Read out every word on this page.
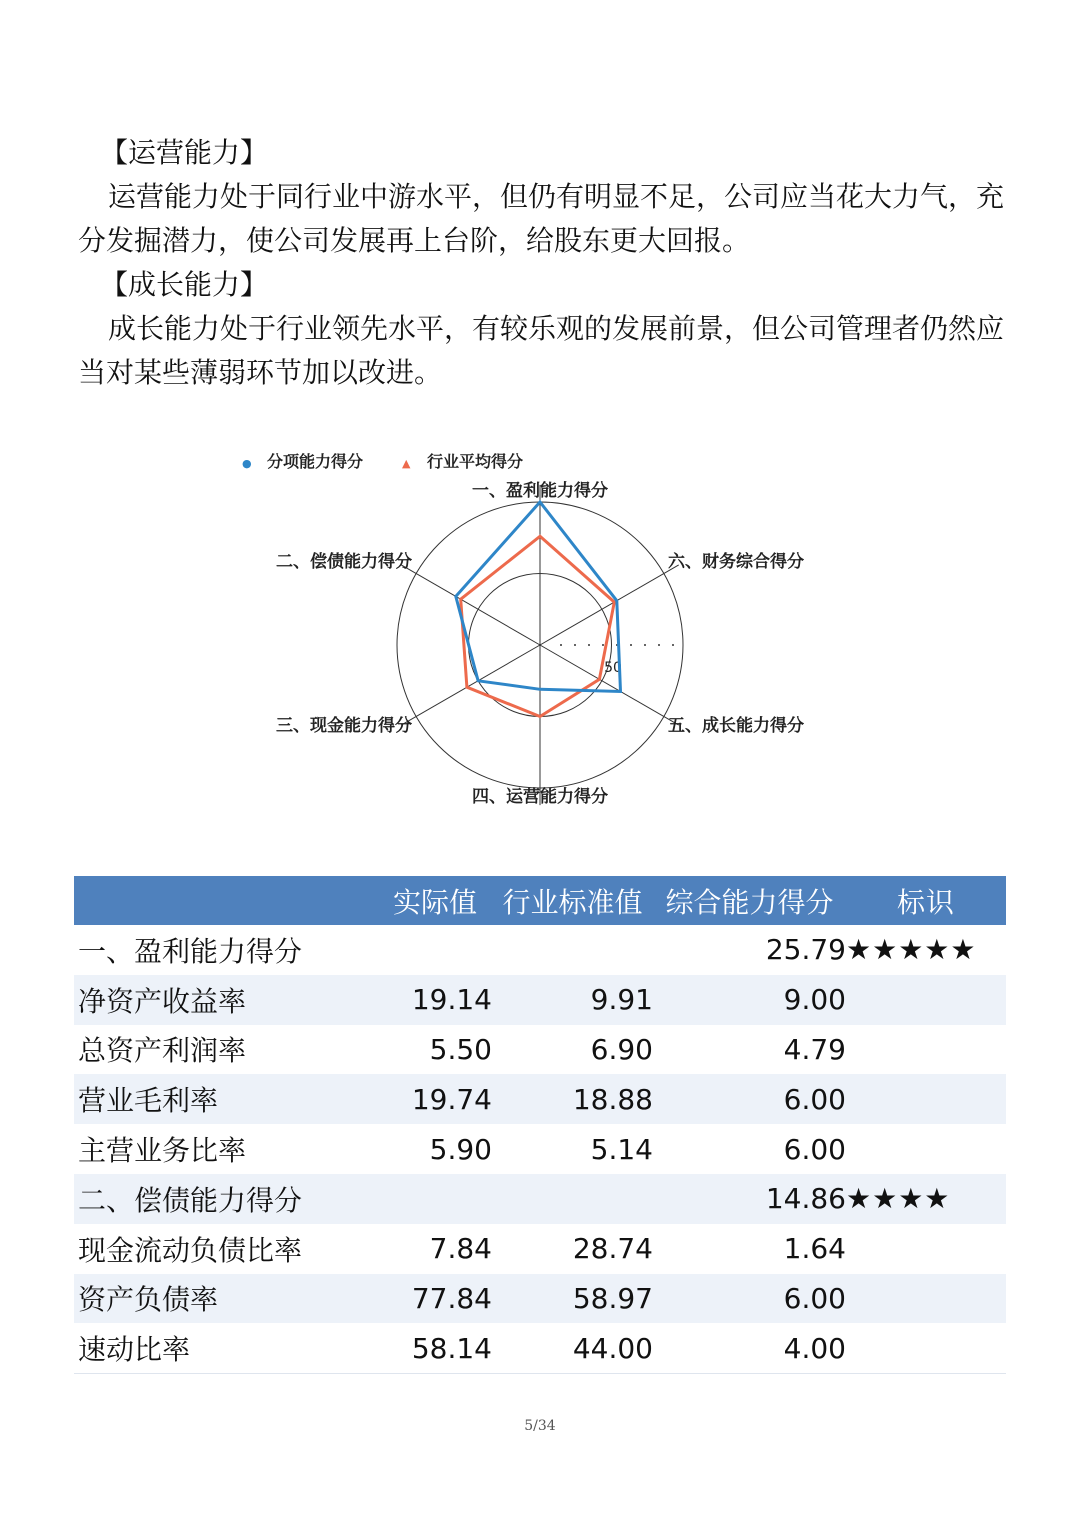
【运营能力】

运营能力处于同行业中游水平，但仍有明显不足，公司应当花大力气，充分发掘潜力，使公司发展再上台阶，给股东更大回报。

【成长能力】

成长能力处于行业领先水平，有较乐观的发展前景，但公司管理者仍然应当对某些薄弱环节加以改进。

50
一、盈利能力得分
六、财务综合得分
五、成长能力得分
四、运营能力得分
三、现金能力得分
二、偿债能力得分
● 分项能力得分	▲ 行业平均得分
	实际值	行业标准值	综合能力得分	标识
一、盈利能力得分			25.79	★★★★★
净资产收益率	19.14	9.91	9.00	
总资产利润率	5.50	6.90	4.79	
营业毛利率	19.74	18.88	6.00	
主营业务比率	5.90	5.14	6.00	
二、偿债能力得分			14.86	★★★★
现金流动负债比率	7.84	28.74	1.64	
资产负债率	77.84	58.97	6.00	
速动比率	58.14	44.00	4.00	
5/34
